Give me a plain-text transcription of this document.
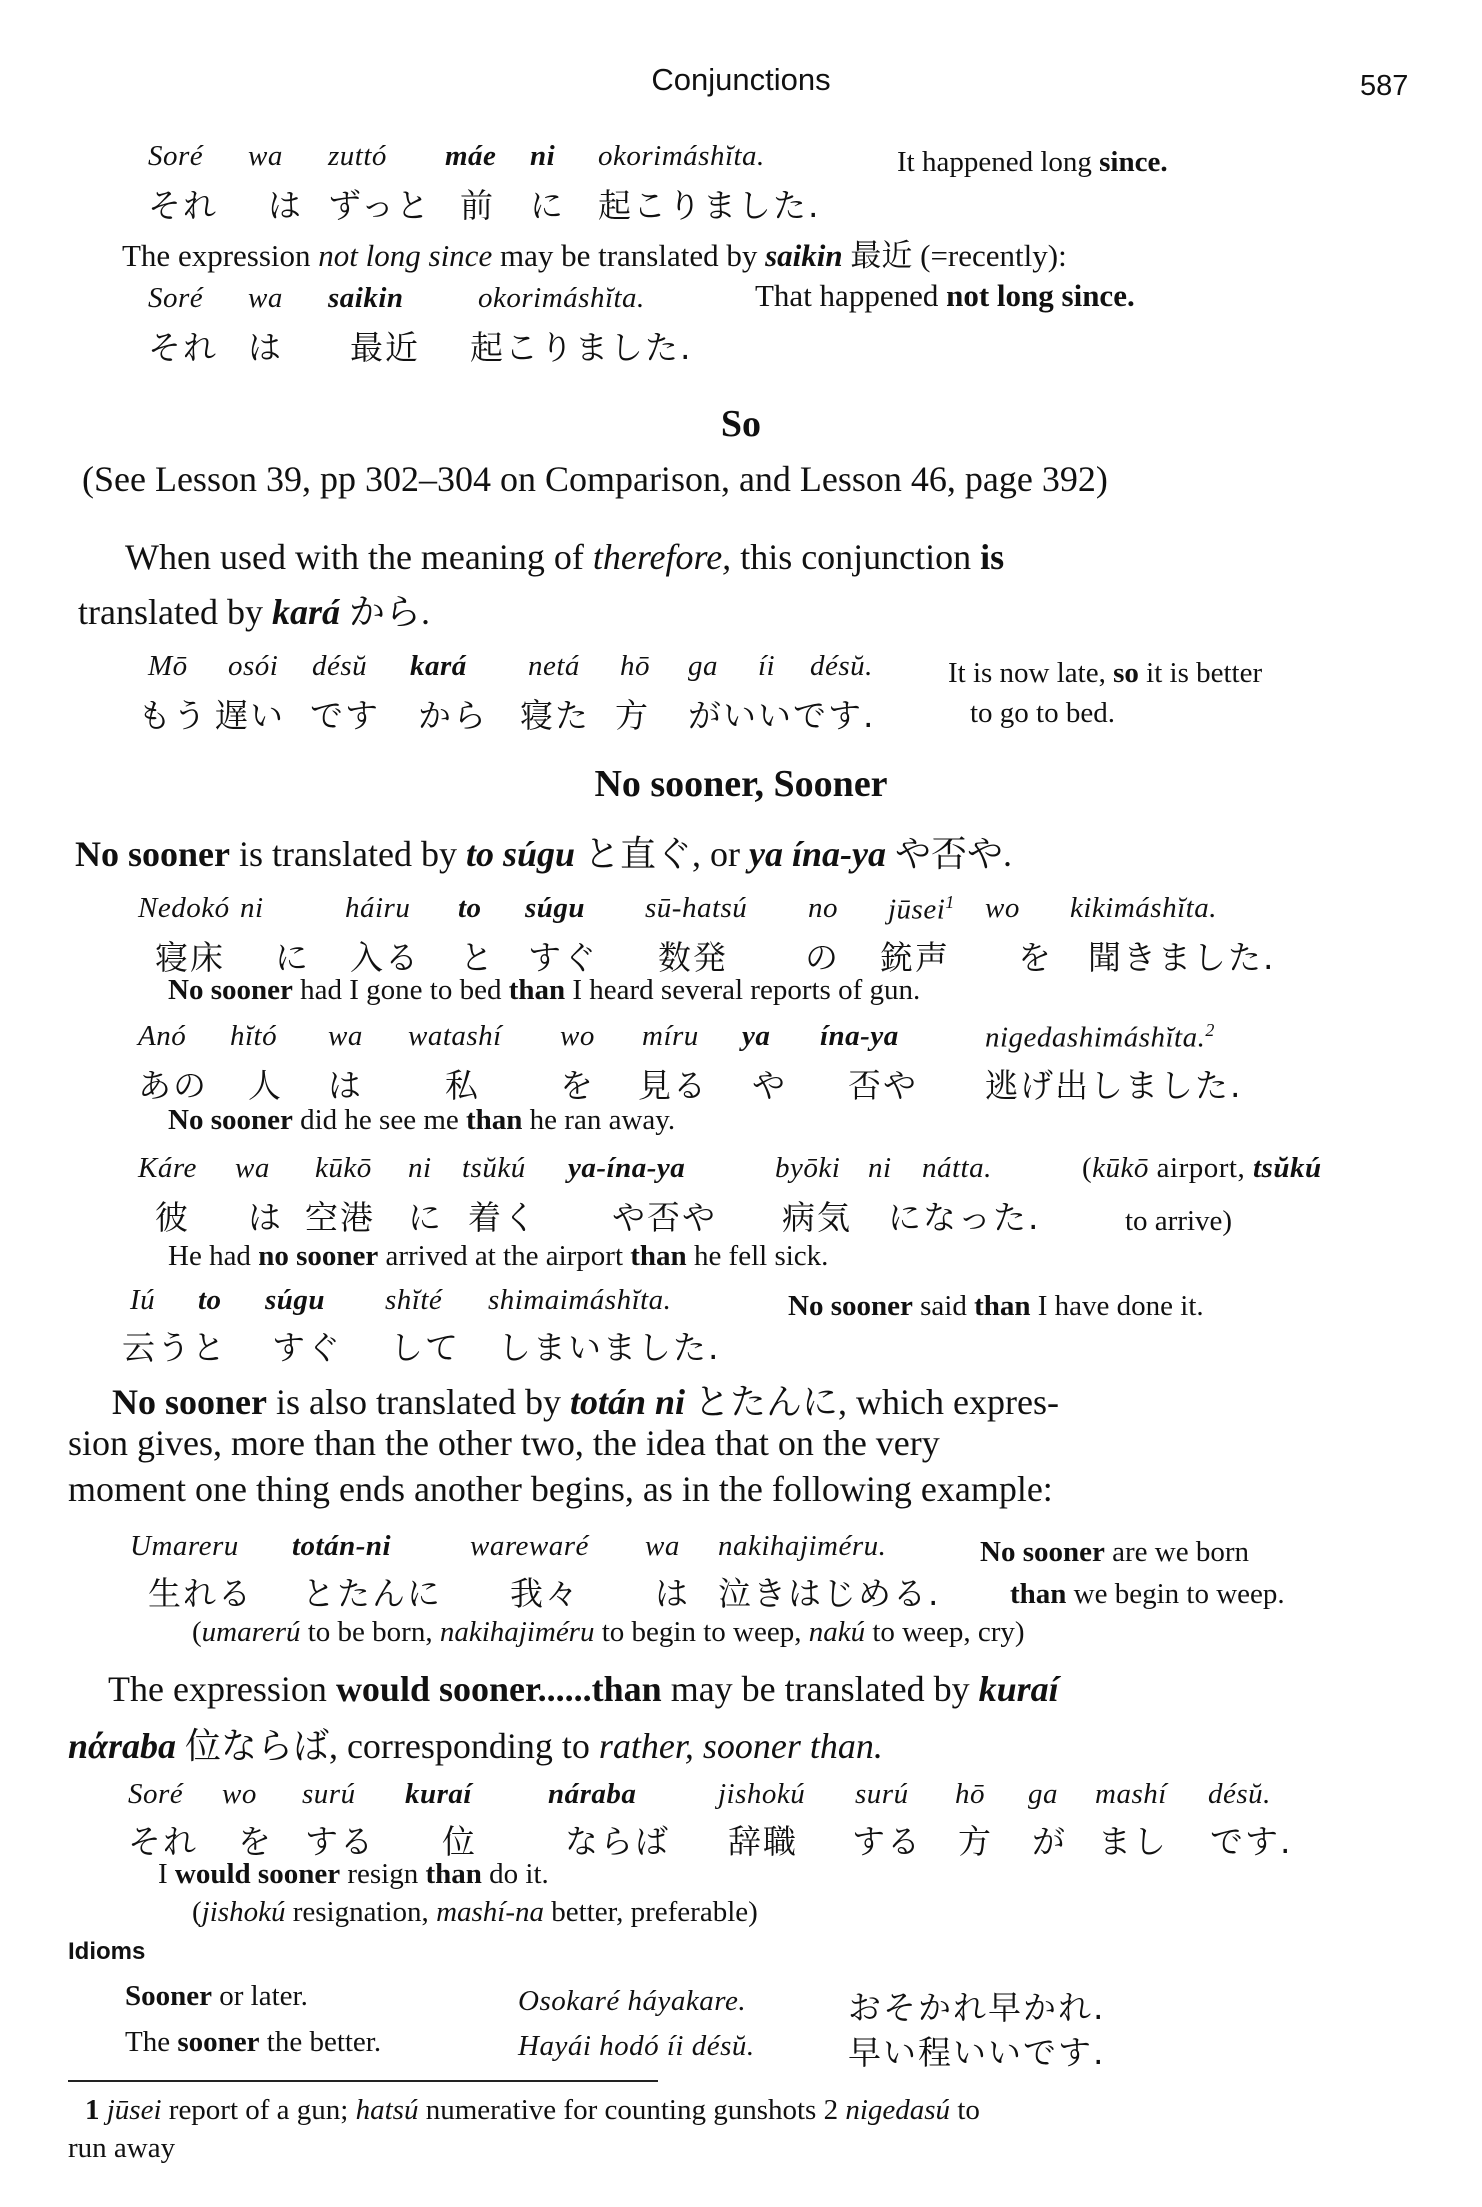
Conjunctions	587
Soré wa zuttó máe ni okorimáshĭta.	It happened long since.
それ は ずっと 前 に 起こりました.
The expression not long since may be translated by saikin 最近 (=recently):
Soré wa saikin	okorimáshĭta.	That happened not long since.
それ は 最近 起こりました.
So
(See Lesson 39, pp 302–304 on Comparison, and Lesson 46, page 392)
When used with the meaning of therefore, this conjunction is
translated by kará から.
Mō osói désŭ kará netá hō ga íi désŭ.	It is now late, so it is better
もう 遅い です から 寝た 方 がいいです.	to go to bed.
No sooner, Sooner
No sooner is translated by to súgu と直ぐ, or ya ína-ya や否や.
Nedokó ni	háiru to súgu sū-hatsú no jūsei$^1$ wo kikimáshĭta.
寝床 に 入る と すぐ 数発 の 銃声 を 聞きました.
No sooner had I gone to bed than I heard several reports of gun.
Anó hĭtó wa watashí wo míru ya ína-ya	nigedashimáshĭta.$^2$
あの 人 は 私 を 見る や 否や 逃げ出しました.
No sooner did he see me than he ran away.
Káre wa kūkō ni tsŭkú ya-ína-ya	byōki ni nátta.	(kūkō airport, tsŭkú
彼 は 空港 に 着く や否や 病気 になった.	to arrive)
He had no sooner arrived at the airport than he fell sick.
Iú to súgu shĭté shimaimáshĭta.	No sooner said than I have done it.
云うと すぐ して しまいました.
No sooner is also translated by totán ni とたんに, which expres-
sion gives, more than the other two, the idea that on the very
moment one thing ends another begins, as in the following example:
Umareru totán-ni	warewaré wa nakihajiméru.	No sooner are we born
生れる とたんに 我々 は 泣きはじめる. than we begin to weep.
(umarerú to be born, nakihajiméru to begin to weep, nakú to weep, cry)
The expression would sooner......than may be translated by kuraí
nάraba 位ならば, corresponding to rather, sooner than.
Soré wo surú kuraí	náraba	jishokú surú hō ga mashí désŭ.
それ を する 位	ならば 辞職 する 方 が まし です.
I would sooner resign than do it.
(jishokú resignation, mashí-na better, preferable)
Idioms
Sooner or later.	Osokaré háyakare.	おそかれ早かれ.
The sooner the better.	Hayái hodó íi désŭ.	早い程いいです.
1 jūsei report of a gun; hatsú numerative for counting gunshots 2 nigedasú to
run away
